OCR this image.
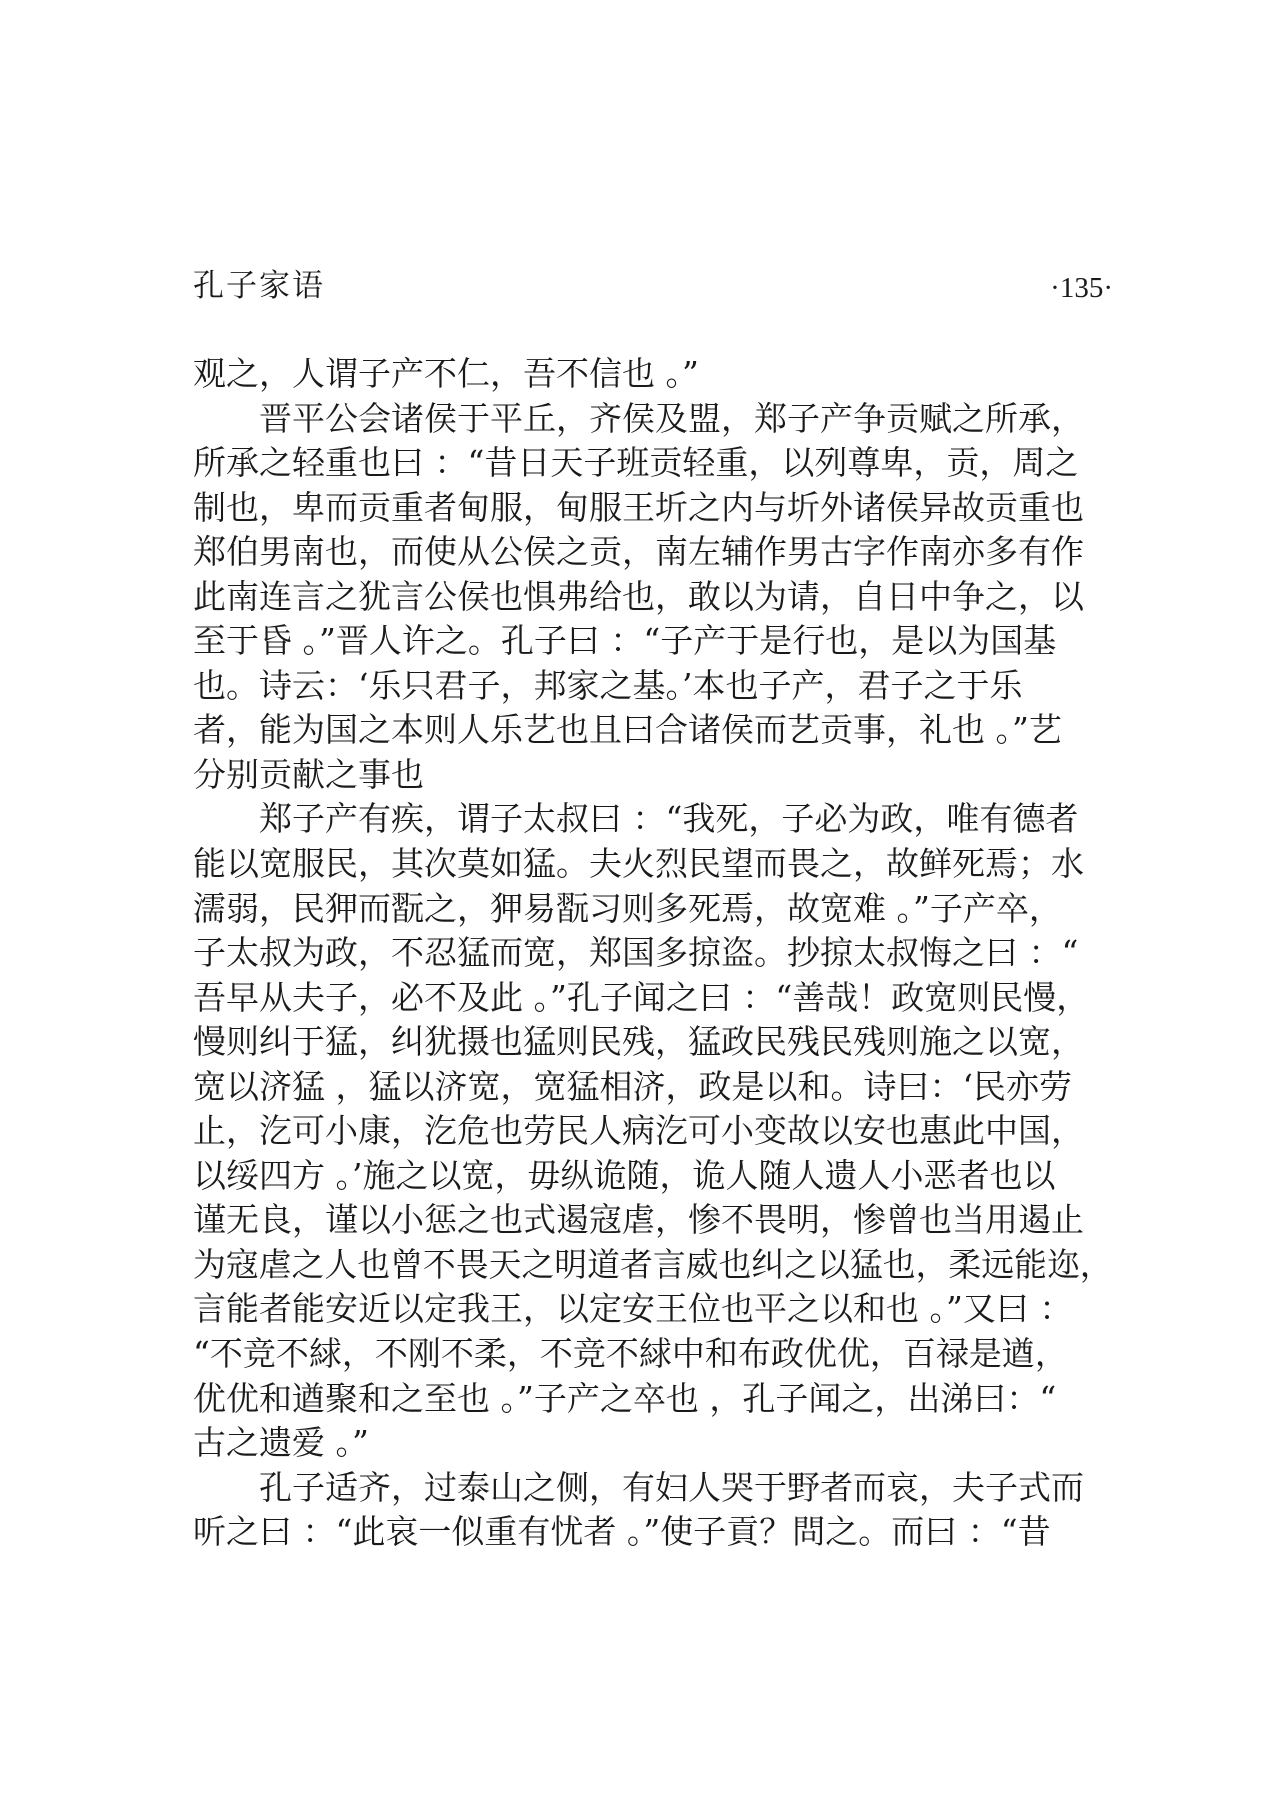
孔子家语	·135·
观之，人谓子产不仁，吾不信也 。”
晋平公会诸侯于平丘，齐侯及盟，郑子产争贡赋之所承，
所承之轻重也曰 ：“昔日天子班贡轻重，以列尊卑，贡，周之
制也，卑而贡重者甸服，甸服王圻之内与圻外诸侯异故贡重也
郑伯男南也，而使从公侯之贡，南左辅作男古字作南亦多有作
此南连言之犹言公侯也惧弗给也，敢以为请，自日中争之，以
至于昏 。”晋人许之。孔子曰 ：“子产于是行也，是以为国基
也。诗云：‘乐只君子，邦家之基。’本也子产，君子之于乐
者，能为国之本则人乐艺也且曰合诸侯而艺贡事，礼也 。”艺
分别贡献之事也
郑子产有疾，谓子太叔曰 ：“我死，子必为政，唯有德者
能以宽服民，其次莫如猛。夫火烈民望而畏之，故鲜死焉；水
濡弱，民狎而翫之，狎易翫习则多死焉，故宽难 。”子产卒，
子太叔为政，不忍猛而宽，郑国多掠盗。抄掠太叔悔之曰 ：“
吾早从夫子，必不及此 。”孔子闻之曰 ：“善哉！政宽则民慢，
慢则纠于猛，纠犹摄也猛则民残，猛政民残民残则施之以宽，
宽以济猛 ，猛以济宽，宽猛相济，政是以和。诗曰：‘民亦劳
止，汔可小康，汔危也劳民人病汔可小变故以安也惠此中国，
以绥四方 。’施之以宽，毋纵诡随，诡人随人遗人小恶者也以
谨无良，谨以小惩之也式遏寇虐，惨不畏明，惨曾也当用遏止
为寇虐之人也曾不畏天之明道者言威也纠之以猛也，柔远能迩，
言能者能安近以定我王，以定安王位也平之以和也 。”又曰 ：
“不竞不絿，不刚不柔，不竞不絿中和布政优优，百禄是遒，
优优和遒聚和之至也 。”子产之卒也 ，孔子闻之，出涕曰：“
古之遗爱 。”
孔子适齐，过泰山之侧，有妇人哭于野者而哀，夫子式而
听之曰 ：“此哀一似重有忧者 。”使子貢？問之。而曰 ：“昔
